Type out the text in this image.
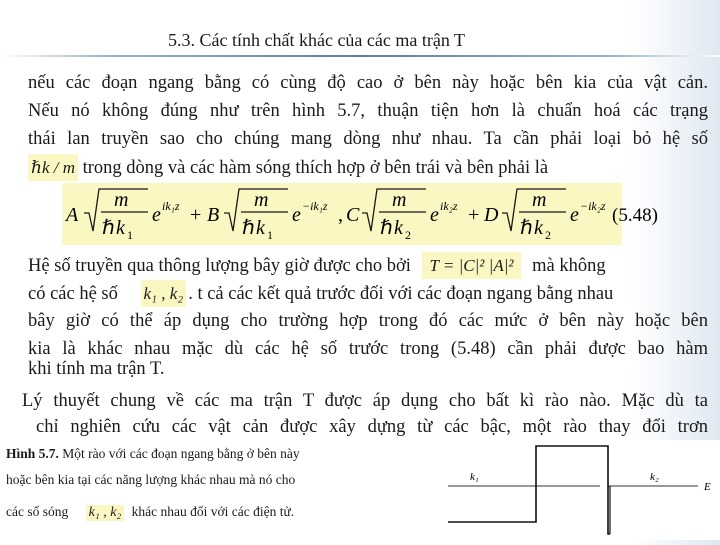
5.3. Các tính chất khác của các ma trận T
nếu các đoạn ngang bằng có cùng độ cao ở bên này hoặc bên kia của vật cản.
Nếu nó không đúng như trên hình 5.7, thuận tiện hơn là chuẩn hoá các trạng
thái lan truyền sao cho chúng mang dòng như nhau. Ta cần phải loại bỏ hệ số
ℏk / m trong dòng và các hàm sóng thích hợp ở bên trái và bên phải là
A
m
ℏ k 1
e ik₁z + B
m
ℏ k 1
e −ik₁z , C
m
ℏ k 2
e ik₂z + D
m
ℏ k 2
e −ik₂z (5.48)
Hệ số truyền qua thông lượng bây giờ được cho bởi T = |C|² |A|² mà không
có các hệ số k₁ , k₂ . t cả các kết quả trước đối với các đoạn ngang bằng nhau
bây giờ có thể áp dụng cho trường hợp trong đó các mức ở bên này hoặc bên
kia là khác nhau mặc dù các hệ số trước trong (5.48) cần phải được bao hàm
khi tính ma trận T.
Lý thuyết chung về các ma trận T được áp dụng cho bất kì rào nào. Mặc dù ta
chỉ nghiên cứu các vật cản được xây dựng từ các bậc, một rào thay đổi trơn
Hình 5.7. Một rào với các đoạn ngang bằng ở bên này
hoặc bên kia tại các năng lượng khác nhau mà nó cho
các số sóng k₁ , k₂ khác nhau đối với các điện tử.
k₁	k₂
E
